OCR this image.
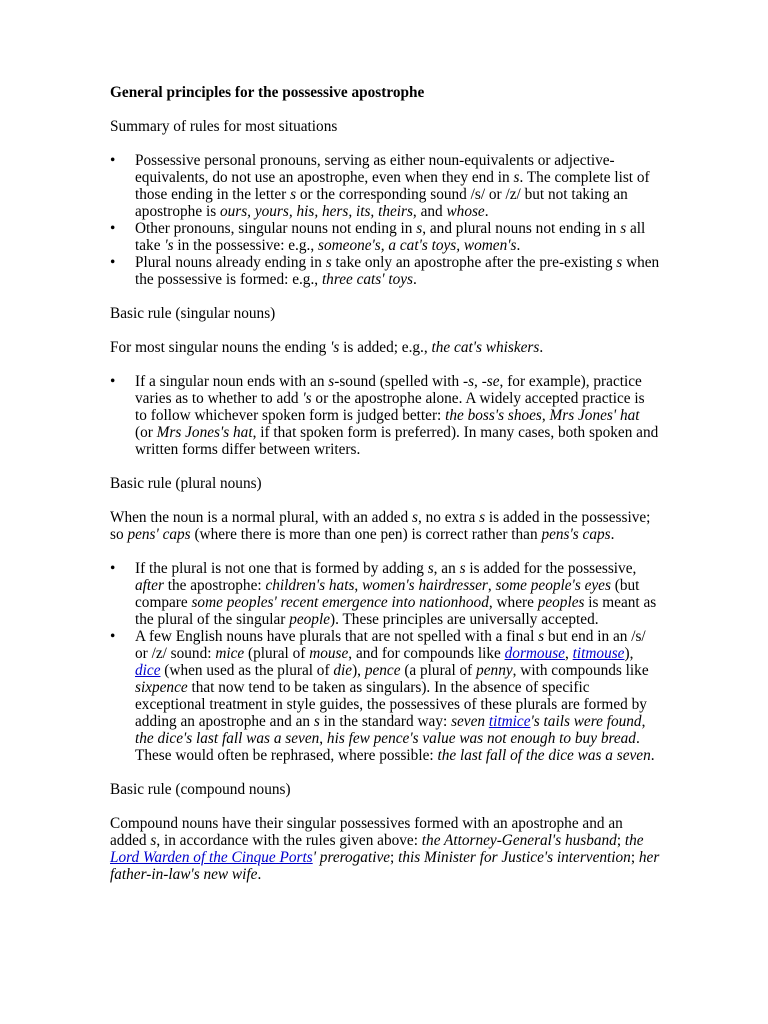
General principles for the possessive apostrophe

Summary of rules for most situations

•	Possessive personal pronouns, serving as either noun-equivalents or adjective-equivalents, do not use an apostrophe, even when they end in s. The complete list of those ending in the letter s or the corresponding sound /s/ or /z/ but not taking an apostrophe is ours, yours, his, hers, its, theirs, and whose.
•	Other pronouns, singular nouns not ending in s, and plural nouns not ending in s all take 's in the possessive: e.g., someone's, a cat's toys, women's.
•	Plural nouns already ending in s take only an apostrophe after the pre-existing s when the possessive is formed: e.g., three cats' toys.

Basic rule (singular nouns)

For most singular nouns the ending 's is added; e.g., the cat's whiskers.

•	If a singular noun ends with an s-sound (spelled with -s, -se, for example), practice varies as to whether to add 's or the apostrophe alone. A widely accepted practice is to follow whichever spoken form is judged better: the boss's shoes, Mrs Jones' hat (or Mrs Jones's hat, if that spoken form is preferred). In many cases, both spoken and written forms differ between writers.

Basic rule (plural nouns)

When the noun is a normal plural, with an added s, no extra s is added in the possessive; so pens' caps (where there is more than one pen) is correct rather than pens's caps.

•	If the plural is not one that is formed by adding s, an s is added for the possessive, after the apostrophe: children's hats, women's hairdresser, some people's eyes (but compare some peoples' recent emergence into nationhood, where peoples is meant as the plural of the singular people). These principles are universally accepted.
•	A few English nouns have plurals that are not spelled with a final s but end in an /s/ or /z/ sound: mice (plural of mouse, and for compounds like dormouse, titmouse), dice (when used as the plural of die), pence (a plural of penny, with compounds like sixpence that now tend to be taken as singulars). In the absence of specific exceptional treatment in style guides, the possessives of these plurals are formed by adding an apostrophe and an s in the standard way: seven titmice's tails were found, the dice's last fall was a seven, his few pence's value was not enough to buy bread. These would often be rephrased, where possible: the last fall of the dice was a seven.

Basic rule (compound nouns)

Compound nouns have their singular possessives formed with an apostrophe and an added s, in accordance with the rules given above: the Attorney-General's husband; the Lord Warden of the Cinque Ports' prerogative; this Minister for Justice's intervention; her father-in-law's new wife.
